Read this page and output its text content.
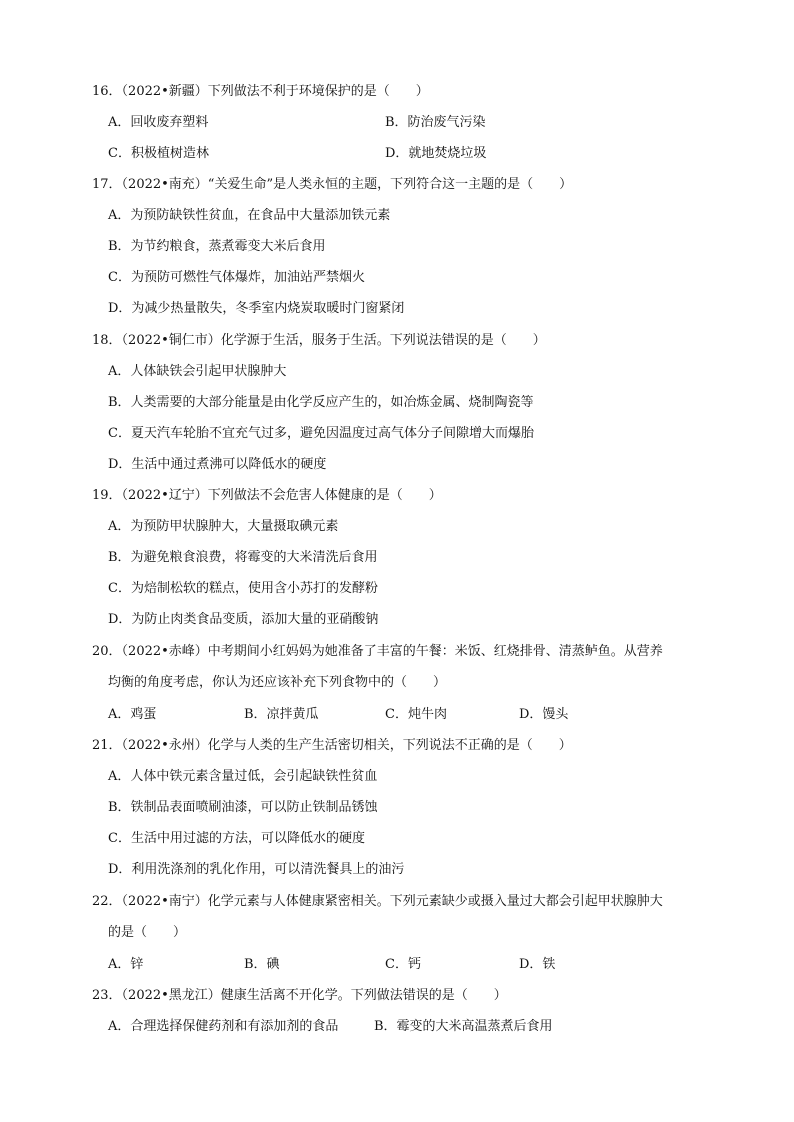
16．（2022•新疆）下列做法不利于环境保护的是（　　）
A．回收废弃塑料	B．防治废气污染
C．积极植树造林	D．就地焚烧垃圾
17．（2022•南充）“关爱生命”是人类永恒的主题，下列符合这一主题的是（　　）
A．为预防缺铁性贫血，在食品中大量添加铁元素
B．为节约粮食，蒸煮霉变大米后食用
C．为预防可燃性气体爆炸，加油站严禁烟火
D．为减少热量散失，冬季室内烧炭取暖时门窗紧闭
18．（2022•铜仁市）化学源于生活，服务于生活。下列说法错误的是（　　）
A．人体缺铁会引起甲状腺肿大
B．人类需要的大部分能量是由化学反应产生的，如冶炼金属、烧制陶瓷等
C．夏天汽车轮胎不宜充气过多，避免因温度过高气体分子间隙增大而爆胎
D．生活中通过煮沸可以降低水的硬度
19．（2022•辽宁）下列做法不会危害人体健康的是（　　）
A．为预防甲状腺肿大，大量摄取碘元素
B．为避免粮食浪费，将霉变的大米清洗后食用
C．为焙制松软的糕点，使用含小苏打的发酵粉
D．为防止肉类食品变质，添加大量的亚硝酸钠
20．（2022•赤峰）中考期间小红妈妈为她准备了丰富的午餐：米饭、红烧排骨、清蒸鲈鱼。从营养
均衡的角度考虑，你认为还应该补充下列食物中的（　　）
A．鸡蛋	B．凉拌黄瓜	C．炖牛肉	D．馒头
21．（2022•永州）化学与人类的生产生活密切相关，下列说法不正确的是（　　）
A．人体中铁元素含量过低，会引起缺铁性贫血
B．铁制品表面喷刷油漆，可以防止铁制品锈蚀
C．生活中用过滤的方法，可以降低水的硬度
D．利用洗涤剂的乳化作用，可以清洗餐具上的油污
22．（2022•南宁）化学元素与人体健康紧密相关。下列元素缺少或摄入量过大都会引起甲状腺肿大
的是（　　）
A．锌	B．碘	C．钙	D．铁
23．（2022•黑龙江）健康生活离不开化学。下列做法错误的是（　　）
A．合理选择保健药剂和有添加剂的食品	B．霉变的大米高温蒸煮后食用
